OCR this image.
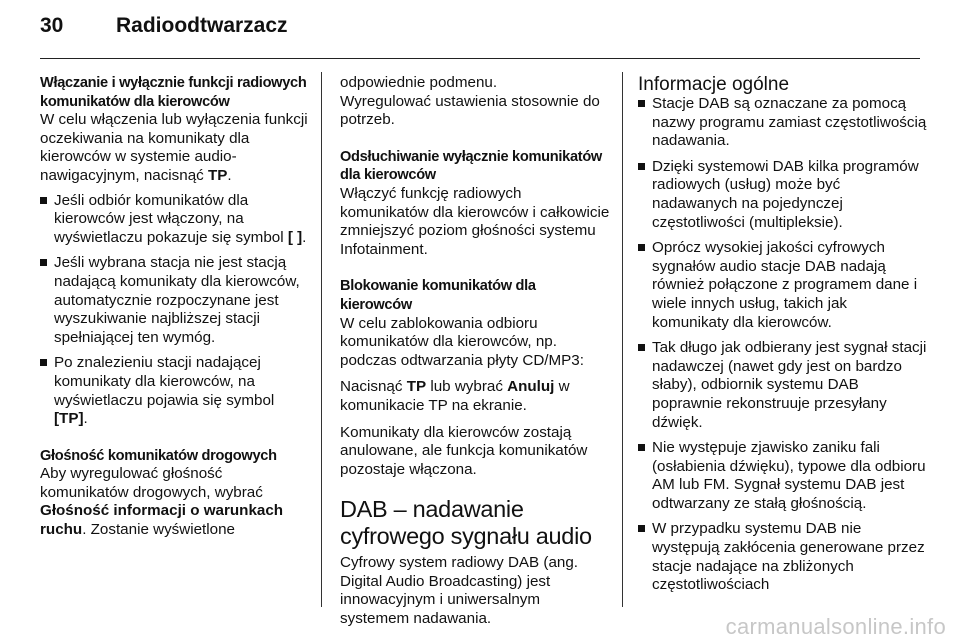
30	Radioodtwarzacz

Włączanie i wyłącznie funkcji radiowych komunikatów dla kierowców

W celu włączenia lub wyłączenia funkcji oczekiwania na komunikaty dla kierowców w systemie audio-nawigacyjnym, nacisnąć TP.

Jeśli odbiór komunikatów dla kierowców jest włączony, na wyświetlaczu pokazuje się symbol [ ].
Jeśli wybrana stacja nie jest stacją nadającą komunikaty dla kierowców, automatycznie rozpoczynane jest wyszukiwanie najbliższej stacji spełniającej ten wymóg.
Po znalezieniu stacji nadającej komunikaty dla kierowców, na wyświetlaczu pojawia się symbol [TP].

Głośność komunikatów drogowych

Aby wyregulować głośność komunikatów drogowych, wybrać Głośność informacji o warunkach ruchu. Zostanie wyświetlone

odpowiednie podmenu.

Wyregulować ustawienia stosownie do potrzeb.

Odsłuchiwanie wyłącznie komunikatów dla kierowców

Włączyć funkcję radiowych komunikatów dla kierowców i całkowicie zmniejszyć poziom głośności systemu Infotainment.

Blokowanie komunikatów dla kierowców

W celu zablokowania odbioru komunikatów dla kierowców, np. podczas odtwarzania płyty CD/MP3:

Nacisnąć TP lub wybrać Anuluj w komunikacie TP na ekranie.

Komunikaty dla kierowców zostają anulowane, ale funkcja komunikatów pozostaje włączona.

DAB – nadawanie cyfrowego sygnału audio

Cyfrowy system radiowy DAB (ang. Digital Audio Broadcasting) jest innowacyjnym i uniwersalnym systemem nadawania.

Informacje ogólne

Stacje DAB są oznaczane za pomocą nazwy programu zamiast częstotliwością nadawania.
Dzięki systemowi DAB kilka programów radiowych (usług) może być nadawanych na pojedynczej częstotliwości (multipleksie).
Oprócz wysokiej jakości cyfrowych sygnałów audio stacje DAB nadają również połączone z programem dane i wiele innych usług, takich jak komunikaty dla kierowców.
Tak długo jak odbierany jest sygnał stacji nadawczej (nawet gdy jest on bardzo słaby), odbiornik systemu DAB poprawnie rekonstruuje przesyłany dźwięk.
Nie występuje zjawisko zaniku fali (osłabienia dźwięku), typowe dla odbioru AM lub FM. Sygnał systemu DAB jest odtwarzany ze stałą głośnością.
W przypadku systemu DAB nie występują zakłócenia generowane przez stacje nadające na zbliżonych częstotliwościach
carmanualsonline.info
